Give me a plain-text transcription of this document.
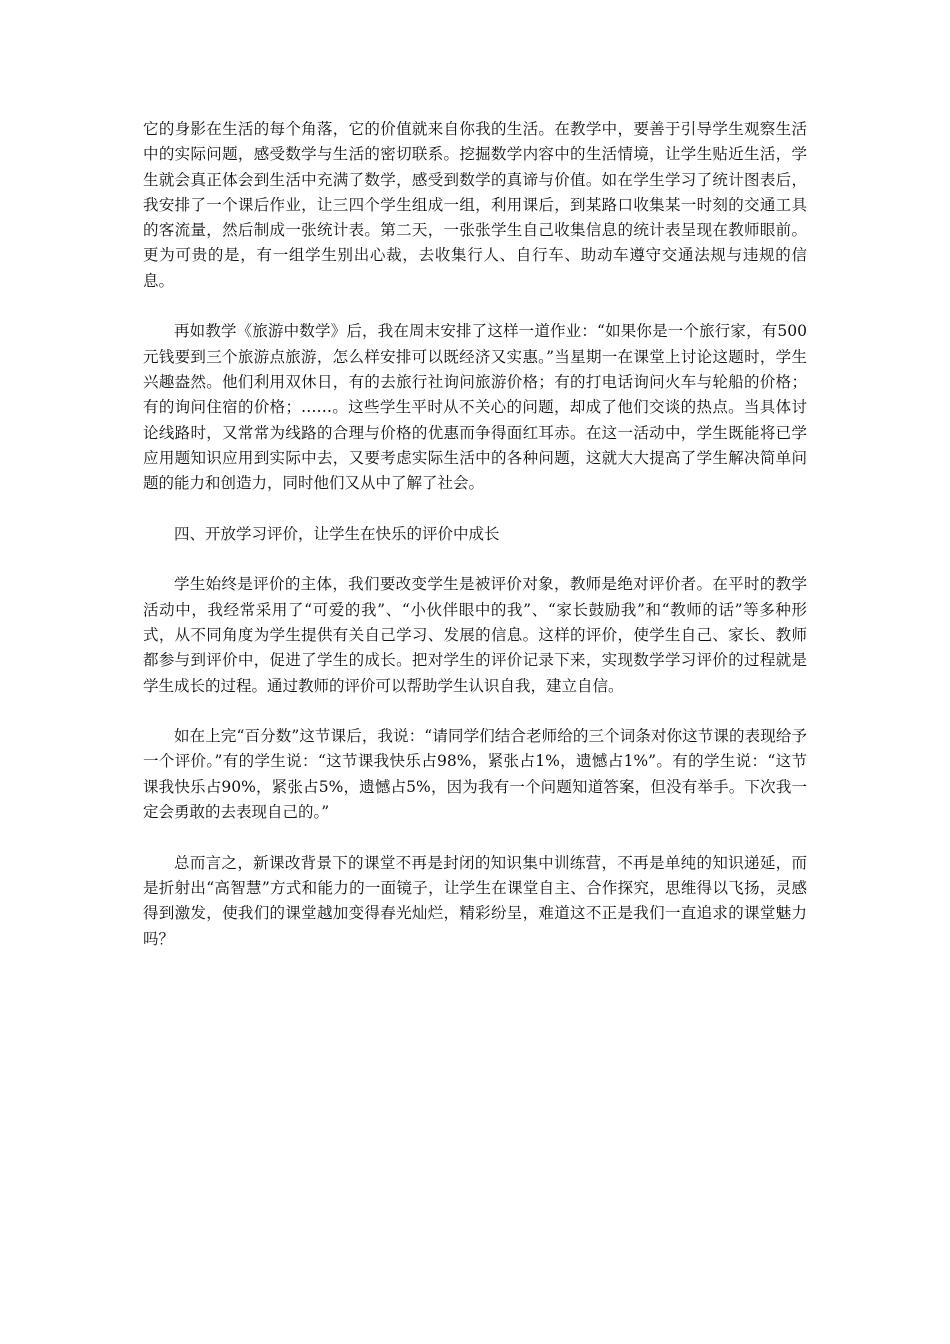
它的身影在生活的每个角落，它的价值就来自你我的生活。在教学中，要善于引导学生观察生活中的实际问题，感受数学与生活的密切联系。挖掘数学内容中的生活情境，让学生贴近生活，学生就会真正体会到生活中充满了数学，感受到数学的真谛与价值。如在学生学习了统计图表后，我安排了一个课后作业，让三四个学生组成一组，利用课后，到某路口收集某一时刻的交通工具的客流量，然后制成一张统计表。第二天，一张张学生自己收集信息的统计表呈现在教师眼前。更为可贵的是，有一组学生别出心裁，去收集行人、自行车、助动车遵守交通法规与违规的信息。

再如教学《旅游中数学》后，我在周末安排了这样一道作业：“如果你是一个旅行家，有500元钱要到三个旅游点旅游，怎么样安排可以既经济又实惠。”当星期一在课堂上讨论这题时，学生兴趣盎然。他们利用双休日，有的去旅行社询问旅游价格；有的打电话询问火车与轮船的价格；有的询问住宿的价格；……。这些学生平时从不关心的问题，却成了他们交谈的热点。当具体讨论线路时，又常常为线路的合理与价格的优惠而争得面红耳赤。在这一活动中，学生既能将已学应用题知识应用到实际中去，又要考虑实际生活中的各种问题，这就大大提高了学生解决简单问题的能力和创造力，同时他们又从中了解了社会。

四、开放学习评价，让学生在快乐的评价中成长

学生始终是评价的主体，我们要改变学生是被评价对象，教师是绝对评价者。在平时的教学活动中，我经常采用了“可爱的我”、“小伙伴眼中的我”、“家长鼓励我”和“教师的话”等多种形式，从不同角度为学生提供有关自己学习、发展的信息。这样的评价，使学生自己、家长、教师都参与到评价中，促进了学生的成长。把对学生的评价记录下来，实现数学学习评价的过程就是学生成长的过程。通过教师的评价可以帮助学生认识自我，建立自信。

如在上完“百分数”这节课后，我说：“请同学们结合老师给的三个词条对你这节课的表现给予一个评价。”有的学生说：“这节课我快乐占98%，紧张占1%，遗憾占1%”。有的学生说：“这节课我快乐占90%，紧张占5%，遗憾占5%，因为我有一个问题知道答案，但没有举手。下次我一定会勇敢的去表现自己的。”

总而言之，新课改背景下的课堂不再是封闭的知识集中训练营，不再是单纯的知识递延，而是折射出“高智慧”方式和能力的一面镜子，让学生在课堂自主、合作探究，思维得以飞扬，灵感得到激发，使我们的课堂越加变得春光灿烂，精彩纷呈，难道这不正是我们一直追求的课堂魅力吗？
